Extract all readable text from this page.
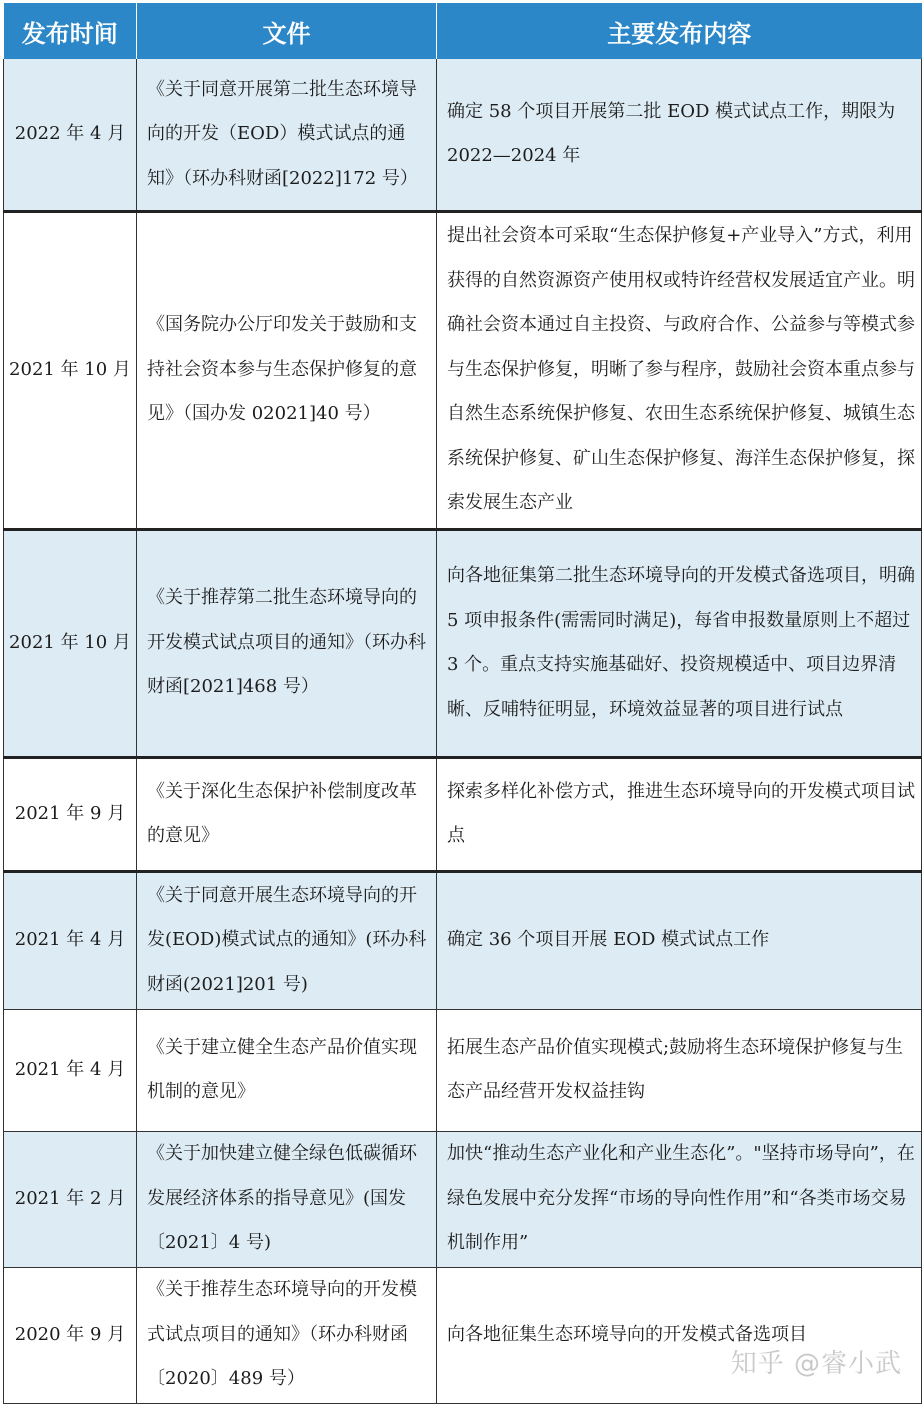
发布时间	文件	主要发布内容
2022 年 4 月	《关于同意开展第二批生态环境导向的开发（EOD）模式试点的通知》（环办科财函[2022]172 号）	确定 58 个项目开展第二批 EOD 模式试点工作，期限为 2022—2024 年
2021 年 10 月	《国务院办公厅印发关于鼓励和支持社会资本参与生态保护修复的意见》（国办发 02021]40 号）	提出社会资本可采取“生态保护修复+产业导入”方式，利用获得的自然资源资产使用权或特许经营权发展适宜产业。明确社会资本通过自主投资、与政府合作、公益参与等模式参与生态保护修复，明晰了参与程序，鼓励社会资本重点参与自然生态系统保护修复、农田生态系统保护修复、城镇生态系统保护修复、矿山生态保护修复、海洋生态保护修复，探索发展生态产业
2021 年 10 月	《关于推荐第二批生态环境导向的开发模式试点项目的通知》（环办科财函[2021]468 号）	向各地征集第二批生态环境导向的开发模式备选项目，明确 5 项申报条件(需需同时满足)，每省申报数量原则上不超过 3 个。重点支持实施基础好、投资规模适中、项目边界清晰、反哺特征明显，环境效益显著的项目进行试点
2021 年 9 月	《关于深化生态保护补偿制度改革的意见》	探索多样化补偿方式，推进生态环境导向的开发模式项目试点
2021 年 4 月	《关于同意开展生态环境导向的开发(EOD)模式试点的通知》(环办科财函(2021]201 号)	确定 36 个项目开展 EOD 模式试点工作
2021 年 4 月	《关于建立健全生态产品价值实现机制的意见》	拓展生态产品价值实现模式;鼓励将生态环境保护修复与生态产品经营开发权益挂钩
2021 年 2 月	《关于加快建立健全绿色低碳循环发展经济体系的指导意见》(国发〔2021〕4 号)	加快“推动生态产业化和产业生态化”。"坚持市场导向”，在绿色发展中充分发挥“市场的导向性作用”和“各类市场交易机制作用”
2020 年 9 月	《关于推荐生态环境导向的开发模式试点项目的通知》（环办科财函〔2020〕489 号）	向各地征集生态环境导向的开发模式备选项目
知乎 @睿小武
